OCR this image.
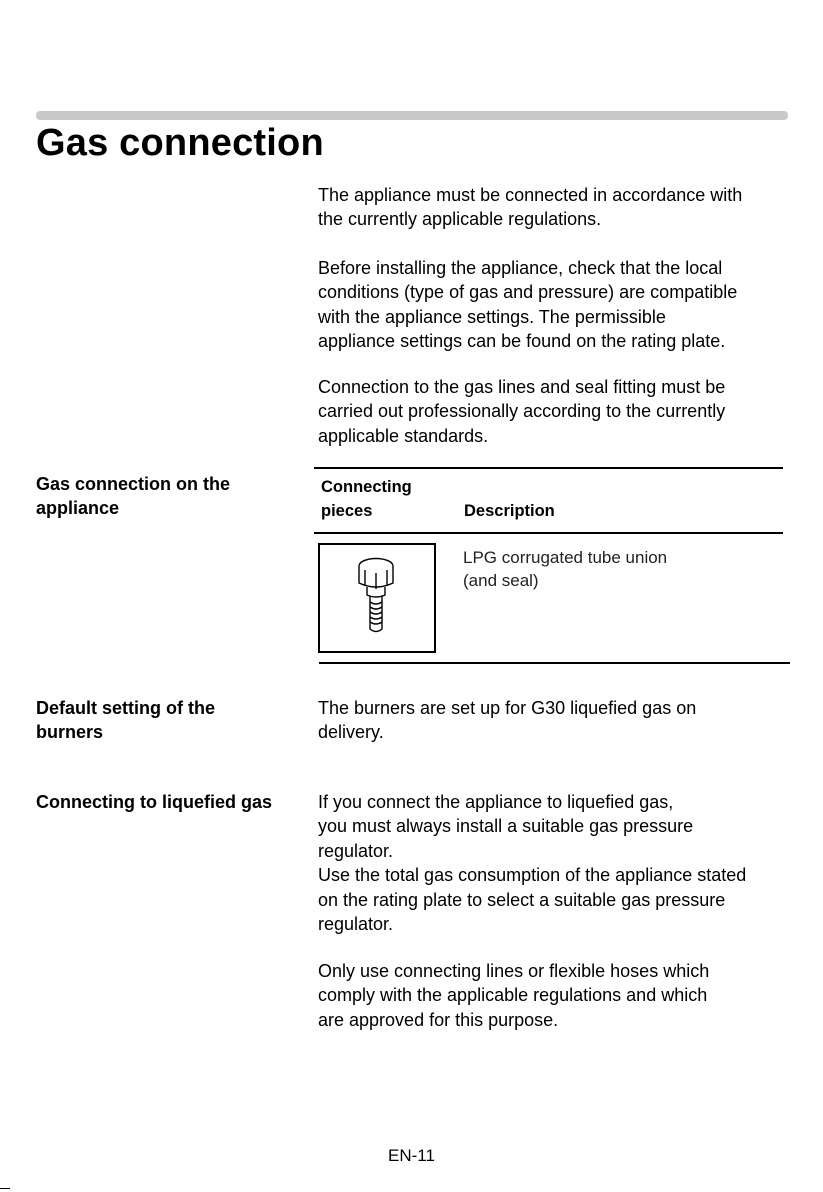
Gas connection
The appliance must be connected in accordance with
the currently applicable regulations.
Before installing the appliance, check that the local
conditions (type of gas and pressure) are compatible
with the appliance settings. The permissible
appliance settings can be found on the rating plate.
Connection to the gas lines and seal fitting must be
carried out professionally according to the currently
applicable standards.
Gas connection on the
appliance
Connecting
pieces	Description
LPG corrugated tube union
(and seal)
Default setting of the
burners
The burners are set up for G30 liquefied gas on
delivery.
Connecting to liquefied gas	If you connect the appliance to liquefied gas,
you must always install a suitable gas pressure
regulator.
Use the total gas consumption of the appliance stated
on the rating plate to select a suitable gas pressure
regulator.
Only use connecting lines or flexible hoses which
comply with the applicable regulations and which
are approved for this purpose.
EN-11
